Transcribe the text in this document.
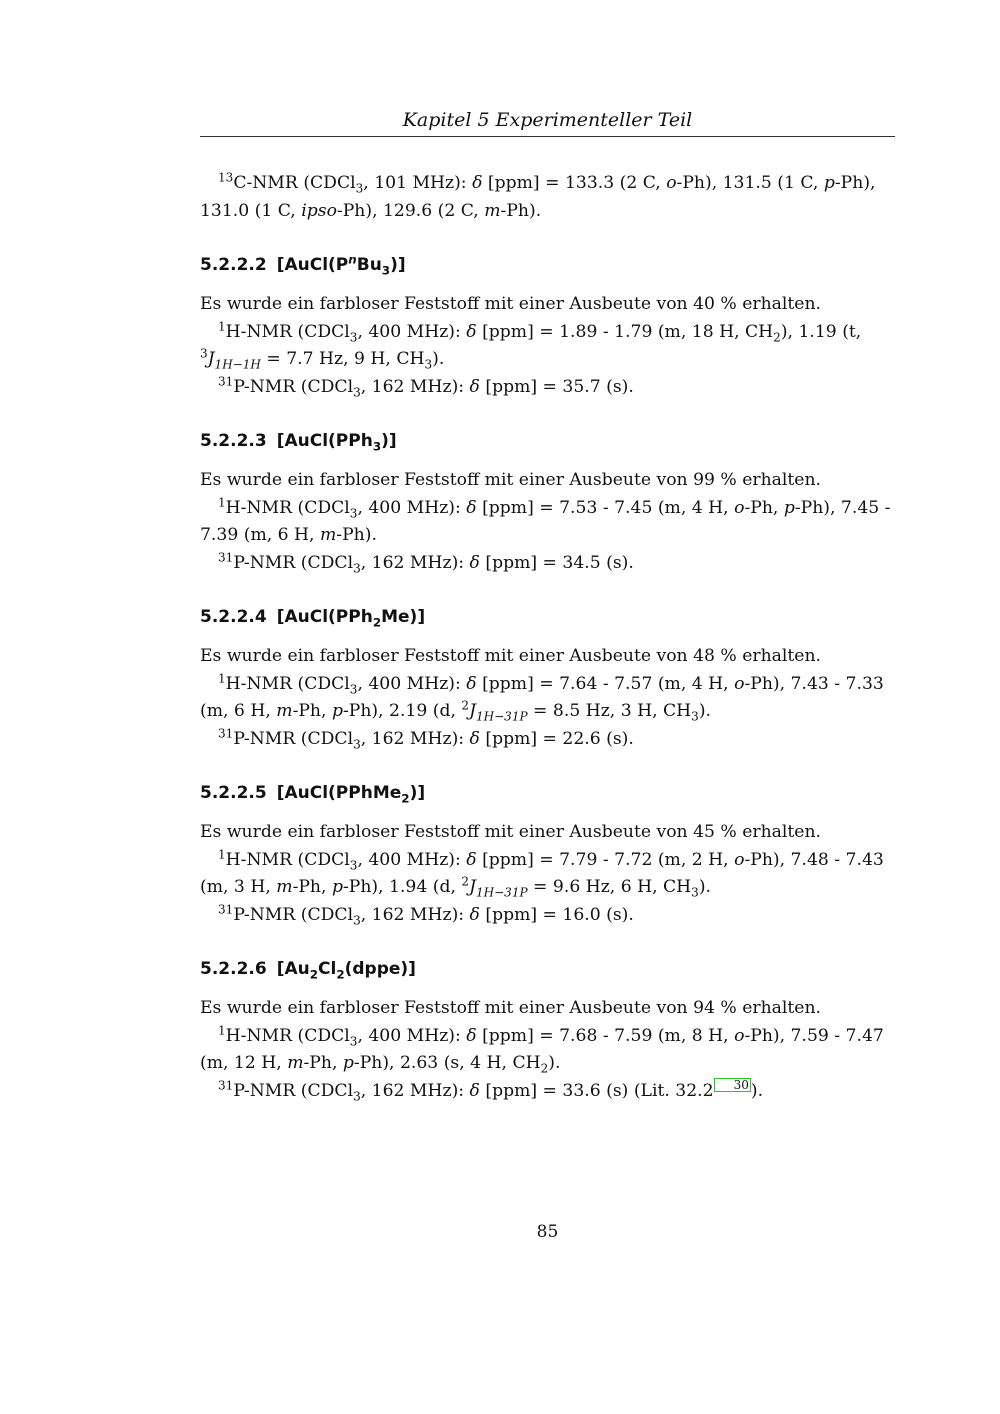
Kapitel 5 Experimenteller Teil

$^{13}$C-NMR (CDCl$_3$, 101 MHz): δ [ppm] = 133.3 (2 C, o-Ph), 131.5 (1 C, p-Ph), 131.0 (1 C, ipso-Ph), 129.6 (2 C, m-Ph).

5.2.2.2 $[AuCl(P^nBu_3)]$

Es wurde ein farbloser Feststoff mit einer Ausbeute von 40 % erhalten.

$^1$H-NMR (CDCl$_3$, 400 MHz): δ [ppm] = 1.89 - 1.79 (m, 18 H, $CH_2$), 1.19 (t, $^3J_{1H-1H} = 7.7$ Hz, 9 H, $CH_3$).

$^{31}$P-NMR (CDCl$_3$, 162 MHz): δ [ppm] = 35.7 (s).

5.2.2.3 [AuCl(PPh$_3$)]

Es wurde ein farbloser Feststoff mit einer Ausbeute von 99 % erhalten.

$^1$H-NMR (CDCl$_3$, 400 MHz): δ [ppm] = 7.53 - 7.45 (m, 4 H, o-Ph, p-Ph), 7.45 - 7.39 (m, 6 H, m-Ph).

$^{31}$P-NMR (CDCl$_3$, 162 MHz): δ [ppm] = 34.5 (s).

5.2.2.4 [AuCl(PPh$_2$Me)]

Es wurde ein farbloser Feststoff mit einer Ausbeute von 48 % erhalten.

$^1$H-NMR (CDCl$_3$, 400 MHz): δ [ppm] = 7.64 - 7.57 (m, 4 H, o-Ph), 7.43 - 7.33 (m, 6 H, m-Ph, p-Ph), 2.19 (d, $^2J_{1H-31P} = 8.5$ Hz, 3 H, $CH_3$).

$^{31}$P-NMR (CDCl$_3$, 162 MHz): δ [ppm] = 22.6 (s).

5.2.2.5 [AuCl(PPhMe$_2$)]

Es wurde ein farbloser Feststoff mit einer Ausbeute von 45 % erhalten.

$^1$H-NMR (CDCl$_3$, 400 MHz): δ [ppm] = 7.79 - 7.72 (m, 2 H, o-Ph), 7.48 - 7.43 (m, 3 H, m-Ph, p-Ph), 1.94 (d, $^2J_{1H-31P} = 9.6$ Hz, 6 H, $CH_3$).

$^{31}$P-NMR (CDCl$_3$, 162 MHz): δ [ppm] = 16.0 (s).

5.2.2.6 $[Au_2Cl_2(dppe)]$

Es wurde ein farbloser Feststoff mit einer Ausbeute von 94 % erhalten.

$^1$H-NMR (CDCl$_3$, 400 MHz): δ [ppm] = 7.68 - 7.59 (m, 8 H, o-Ph), 7.59 - 7.47 (m, 12 H, m-Ph, p-Ph), 2.63 (s, 4 H, $CH_2$).

$^{31}$P-NMR (CDCl$_3$, 162 MHz): δ [ppm] = 33.6 (s) (Lit. 32.2 30 ).

85
